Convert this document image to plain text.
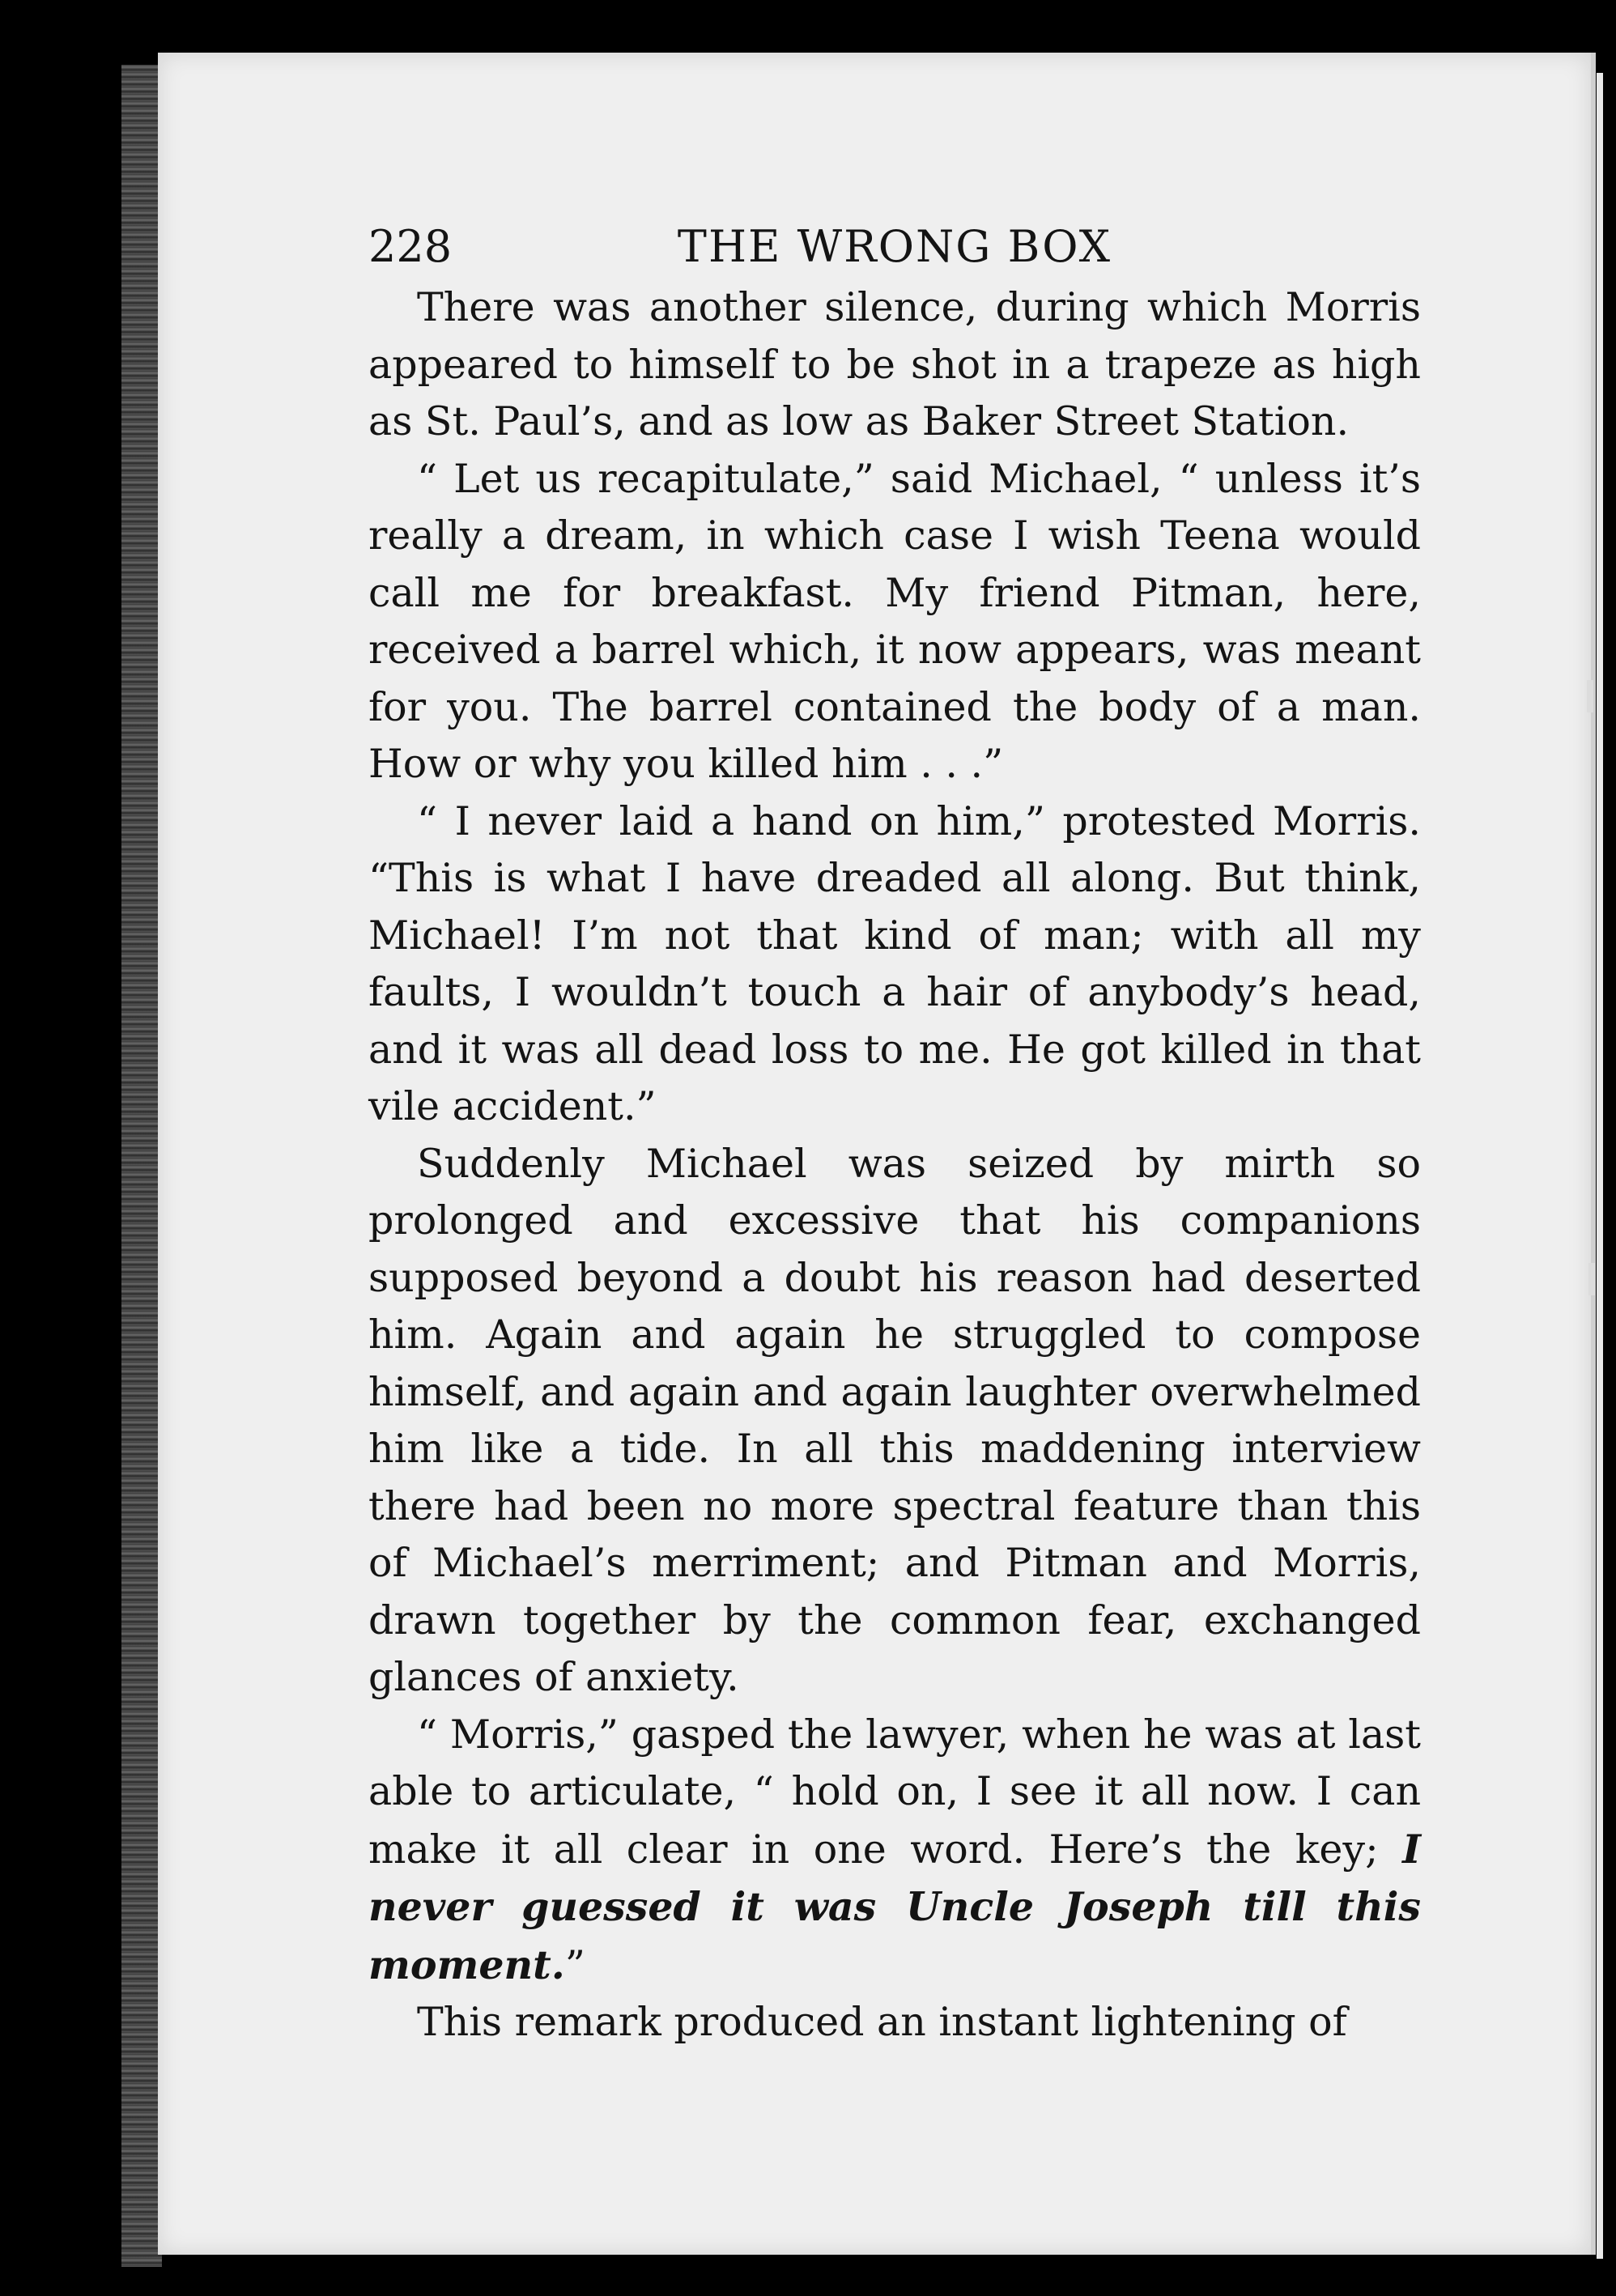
228	THE WRONG BOX

There was another silence, during which Morris appeared to himself to be shot in a trapeze as high as St. Paul’s, and as low as Baker Street Station.

“ Let us recapitulate,” said Michael, “ unless it’s really a dream, in which case I wish Teena would call me for breakfast. My friend Pitman, here, received a barrel which, it now appears, was meant for you. The barrel contained the body of a man. How or why you killed him . . .”

“ I never laid a hand on him,” protested Morris. “This is what I have dreaded all along. But think, Michael! I’m not that kind of man; with all my faults, I wouldn’t touch a hair of anybody’s head, and it was all dead loss to me. He got killed in that vile accident.”

Suddenly Michael was seized by mirth so prolonged and excessive that his companions supposed beyond a doubt his reason had deserted him. Again and again he struggled to compose himself, and again and again laughter overwhelmed him like a tide. In all this maddening interview there had been no more spectral feature than this of Michael’s merriment; and Pitman and Morris, drawn together by the common fear, exchanged glances of anxiety.

“ Morris,” gasped the lawyer, when he was at last able to articulate, “ hold on, I see it all now. I can make it all clear in one word. Here’s the key; I never guessed it was Uncle Joseph till this moment.”

This remark produced an instant lightening of
